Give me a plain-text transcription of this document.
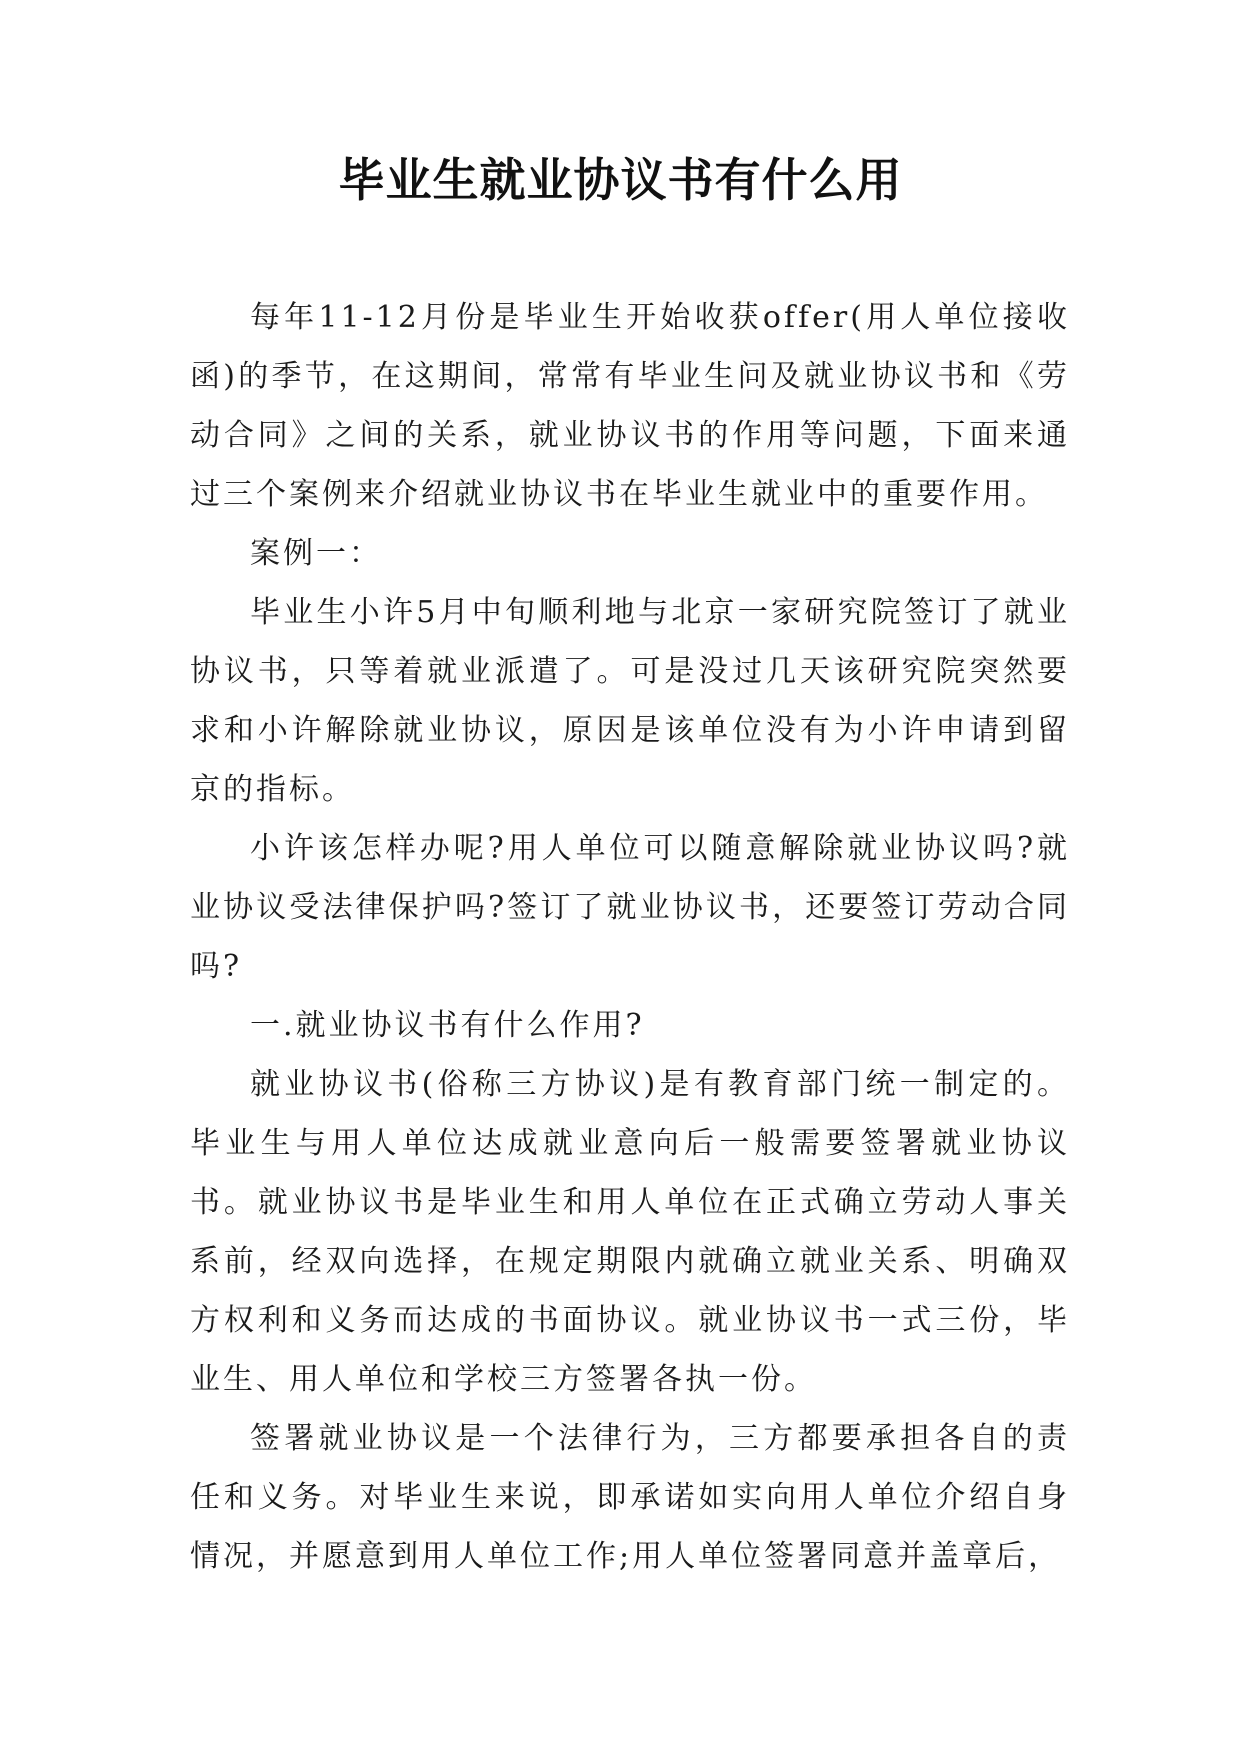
毕业生就业协议书有什么用

每年11-12月份是毕业生开始收获offer(用人单位接收函)的季节，在这期间，常常有毕业生问及就业协议书和《劳动合同》之间的关系，就业协议书的作用等问题，下面来通过三个案例来介绍就业协议书在毕业生就业中的重要作用。

案例一：

毕业生小许5月中旬顺利地与北京一家研究院签订了就业协议书，只等着就业派遣了。可是没过几天该研究院突然要求和小许解除就业协议，原因是该单位没有为小许申请到留京的指标。

小许该怎样办呢?用人单位可以随意解除就业协议吗?就业协议受法律保护吗?签订了就业协议书，还要签订劳动合同吗?

一.就业协议书有什么作用?

就业协议书(俗称三方协议)是有教育部门统一制定的。毕业生与用人单位达成就业意向后一般需要签署就业协议书。就业协议书是毕业生和用人单位在正式确立劳动人事关系前，经双向选择，在规定期限内就确立就业关系、明确双方权利和义务而达成的书面协议。就业协议书一式三份，毕业生、用人单位和学校三方签署各执一份。

签署就业协议是一个法律行为，三方都要承担各自的责任和义务。对毕业生来说，即承诺如实向用人单位介绍自身情况，并愿意到用人单位工作;用人单位签署同意并盖章后，
